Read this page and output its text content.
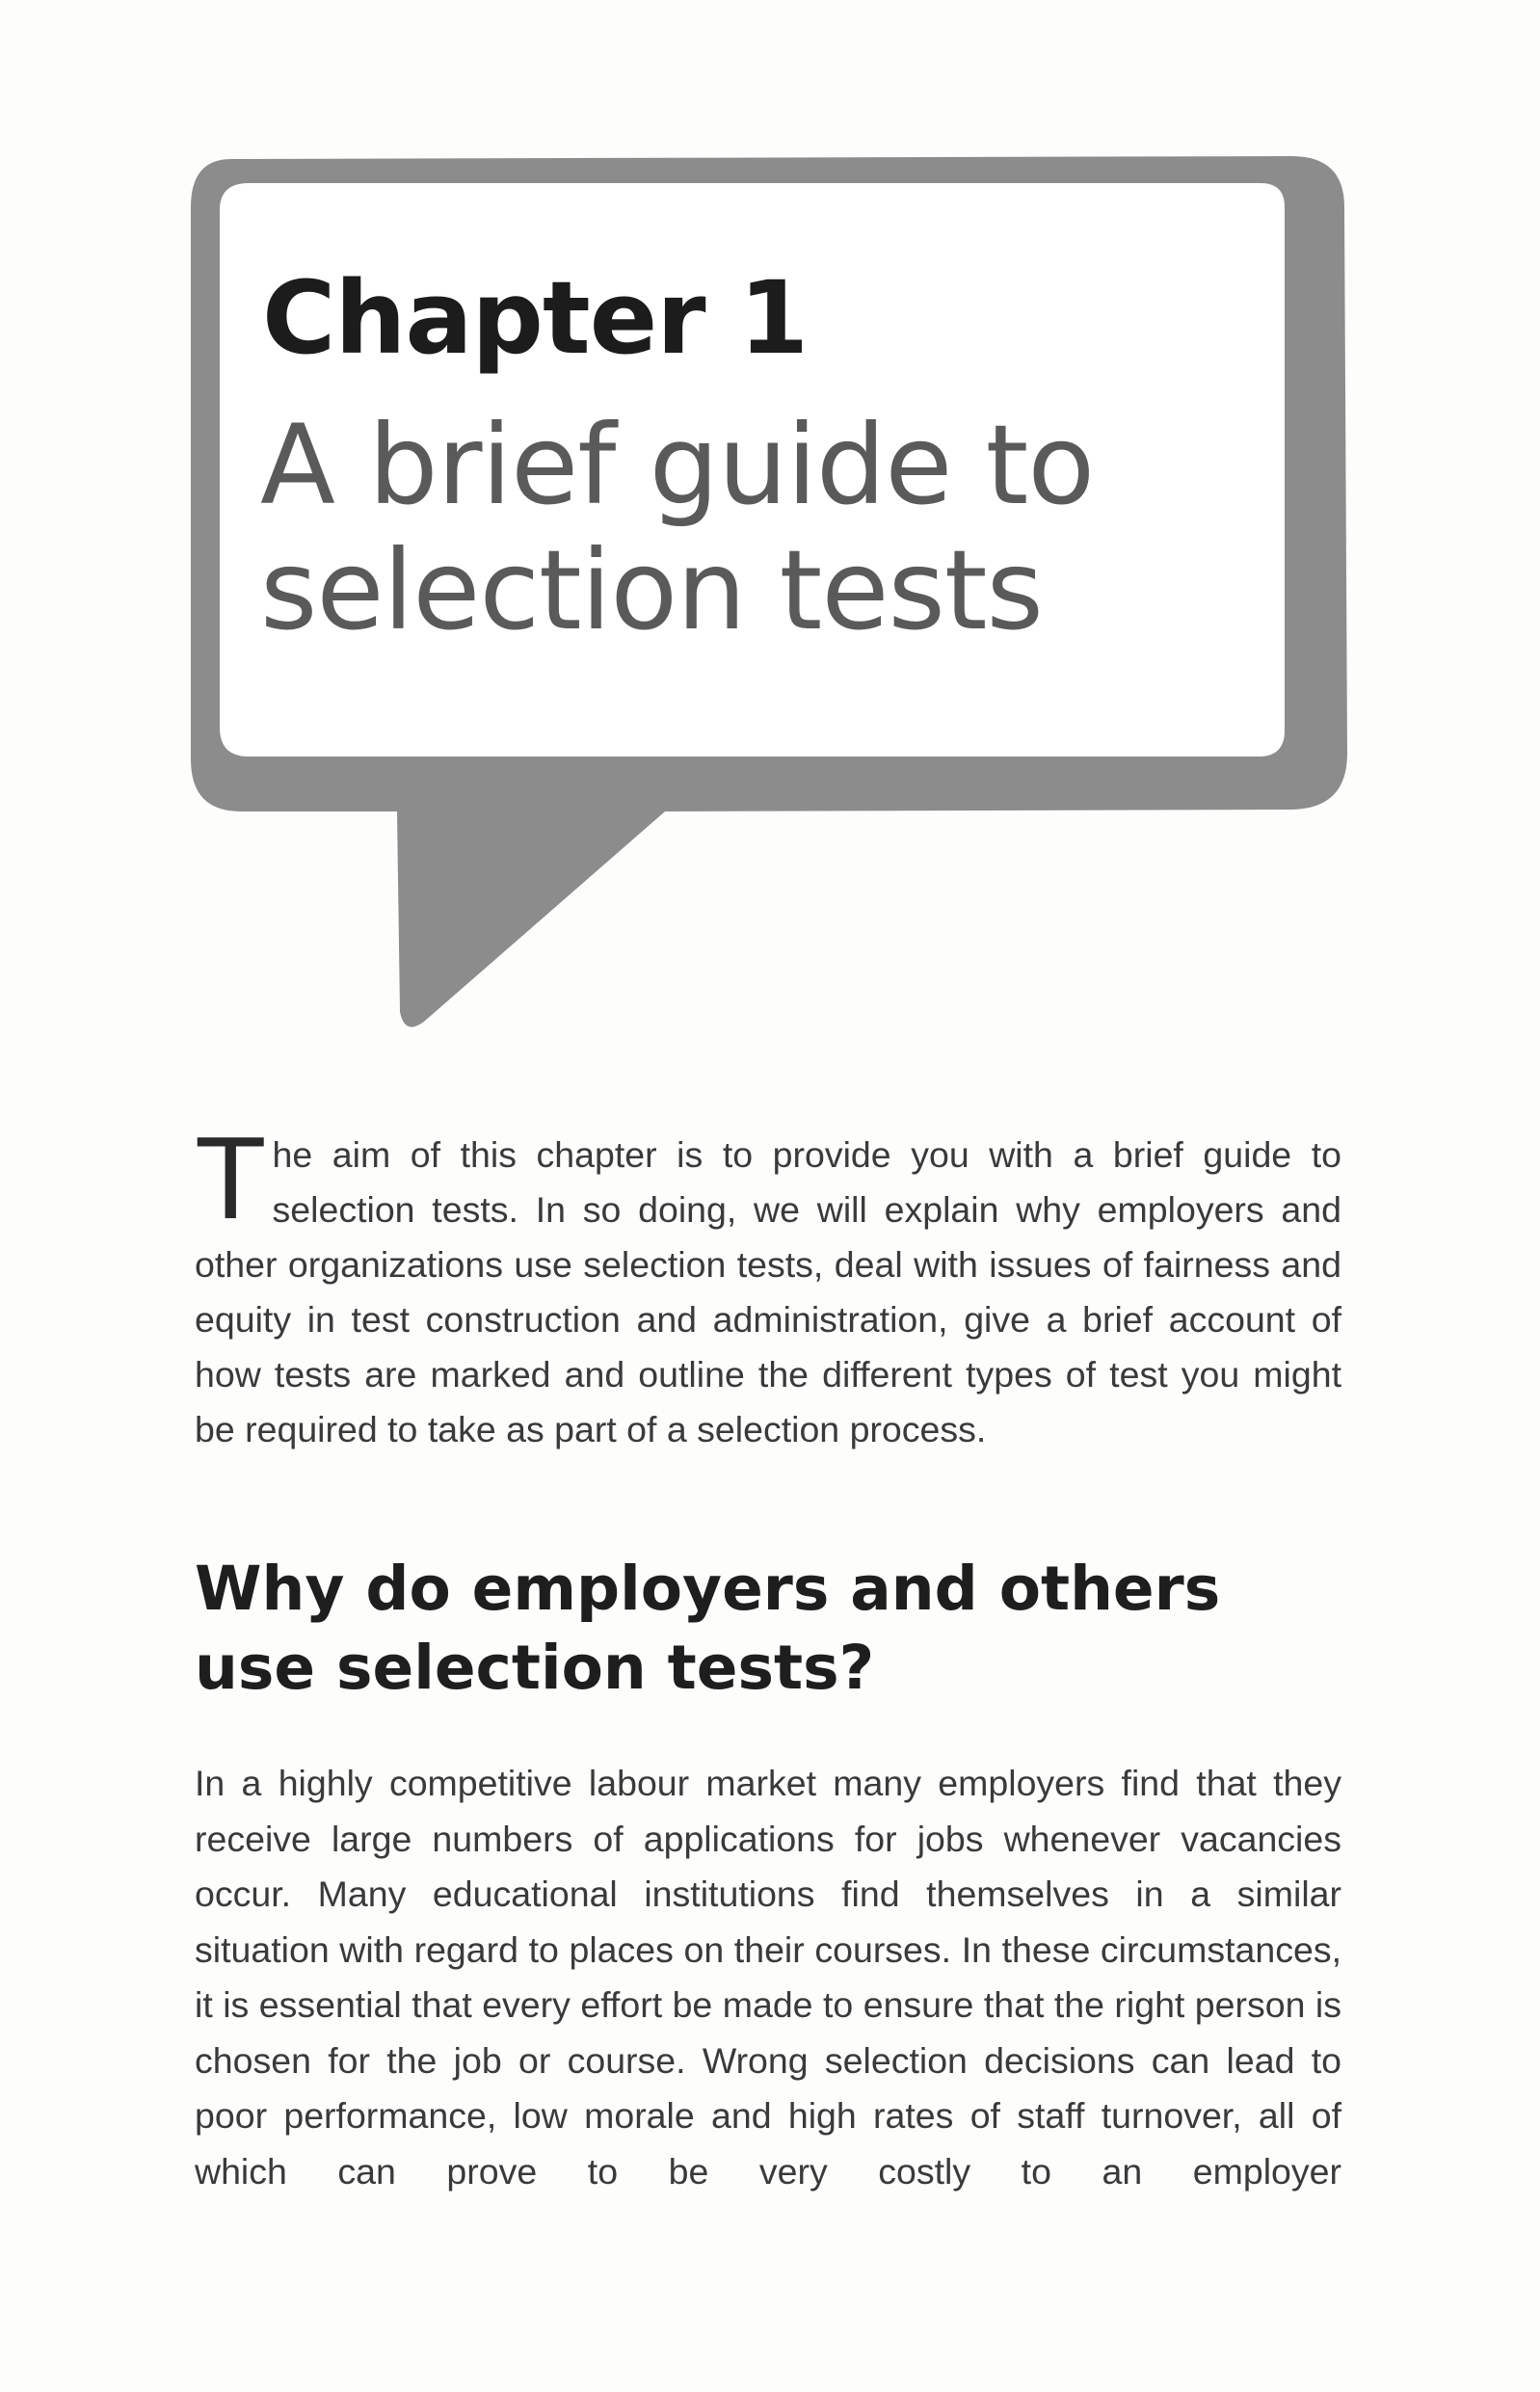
Chapter 1
A brief guide to
selection tests
The aim of this chapter is to provide you with a brief guide to selection tests. In so doing, we will explain why employers and other organizations use selection tests, deal with issues of fairness and equity in test construction and administration, give a brief account of how tests are marked and outline the different types of test you might be required to take as part of a selection process.
Why do employers and others use selection tests?
In a highly competitive labour market many employers find that they receive large numbers of applications for jobs whenever vacancies occur. Many educational institutions find themselves in a similar situation with regard to places on their courses. In these circumstances, it is essential that every effort be made to ensure that the right person is chosen for the job or course. Wrong selection decisions can lead to poor performance, low morale and high rates of staff turnover, all of which can prove to be very costly to an employer
